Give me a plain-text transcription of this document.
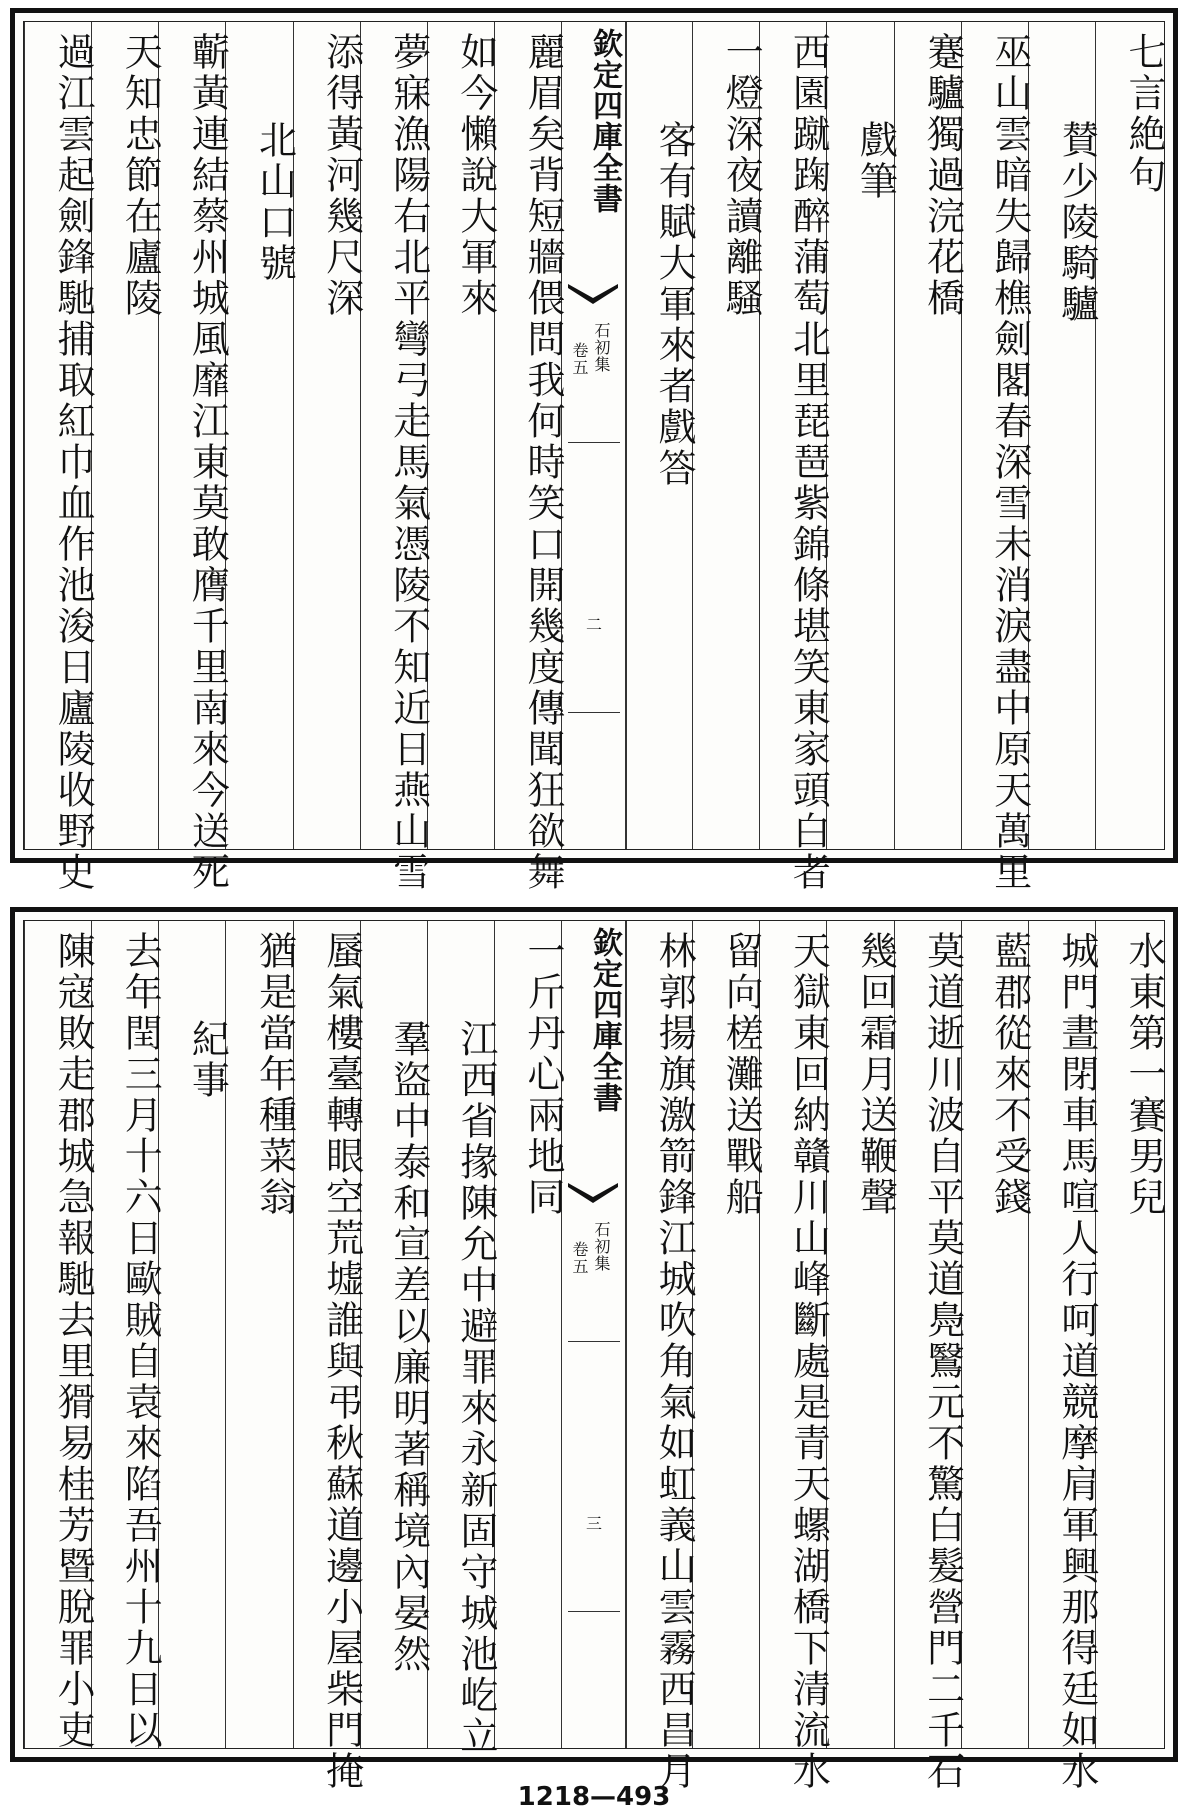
七言絶句
賛少陵騎驢
巫山雲暗失歸樵劍閣春深雪未消淚盡中原天萬里
蹇驢獨過浣花橋
戲筆
西園蹴踘醉蒲萄北里琵琶紫錦條堪笑東家頭白者
一燈深夜讀離騷
客有賦大軍來者戲答
欽定四庫全書
石初集
卷五
二
麗眉矣背短牆偎問我何時笑口開幾度傳聞狂欲舞
如今懶說大軍來
夢寐漁陽右北平彎弓走馬氣憑陵不知近日燕山雪
添得黃河幾尺深
北山口號
蘄黃連結蔡州城風靡江東莫敢膺千里南來今送死
天知忠節在廬陵
過江雲起劍鋒馳捕取紅巾血作池浚日廬陵收野史
水東第一賽男兒
城門晝閉車馬喧人行呵道競摩肩軍興那得廷如水
藍郡從來不受錢
莫道逝川波自平莫道鳧鷖元不驚白髮營門二千石
幾回霜月送鞭聲
天獄東回納贛川山峰斷處是青天螺湖橋下清流水
留向槎灘送戰船
林郭揚旗激箭鋒江城吹角氣如虹義山雲霧西昌月
欽定四庫全書
石初集
卷五
三
一斤丹心兩地同
江西省掾陳允中避罪來永新固守城池屹立
羣盜中泰和宣差以廉明著稱境內晏然
蜃氣樓臺轉眼空荒墟誰與弔秋蘇道邊小屋柴門掩
猶是當年種菜翁
紀事
去年閏三月十六日歐賊自袁來陷吾州十九日以
陳寇敗走郡城急報馳去里猾易桂芳暨脫罪小吏
1218—493
